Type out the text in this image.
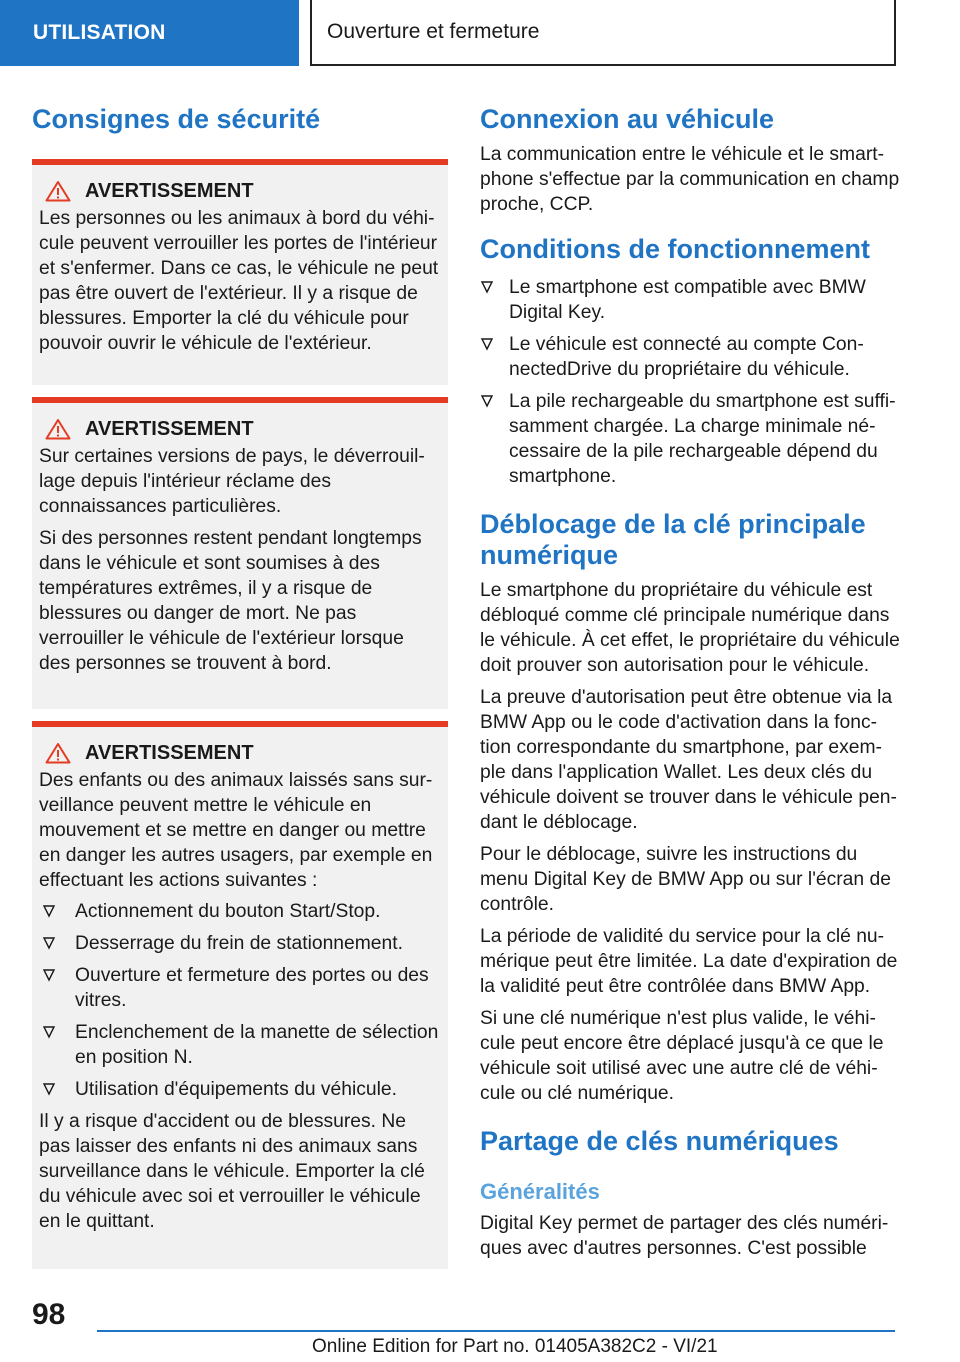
UTILISATION	Ouverture et fermeture
Consignes de sécurité
AVERTISSEMENT

Les personnes ou les animaux à bord du véhicule peuvent verrouiller les portes de l'intérieur et s'enfermer. Dans ce cas, le véhicule ne peut pas être ouvert de l'extérieur. Il y a risque de blessures. Emporter la clé du véhicule pour pouvoir ouvrir le véhicule de l'extérieur.

AVERTISSEMENT

Sur certaines versions de pays, le déverrouillage depuis l'intérieur réclame des connaissances particulières.

Si des personnes restent pendant longtemps dans le véhicule et sont soumises à des températures extrêmes, il y a risque de blessures ou danger de mort. Ne pas verrouiller le véhicule de l'extérieur lorsque des personnes se trouvent à bord.

AVERTISSEMENT

Des enfants ou des animaux laissés sans surveillance peuvent mettre le véhicule en mouvement et se mettre en danger ou mettre en danger les autres usagers, par exemple en effectuant les actions suivantes :

Actionnement du bouton Start/Stop.
Desserrage du frein de stationnement.
Ouverture et fermeture des portes ou des vitres.
Enclenchement de la manette de sélection en position N.
Utilisation d'équipements du véhicule.

Il y a risque d'accident ou de blessures. Ne pas laisser des enfants ni des animaux sans surveillance dans le véhicule. Emporter la clé du véhicule avec soi et verrouiller le véhicule en le quittant.

Connexion au véhicule

La communication entre le véhicule et le smartphone s'effectue par la communication en champ proche, CCP.

Conditions de fonctionnement
Le smartphone est compatible avec BMW Digital Key.
Le véhicule est connecté au compte ConnectedDrive du propriétaire du véhicule.
La pile rechargeable du smartphone est suffisamment chargée. La charge minimale nécessaire de la pile rechargeable dépend du smartphone.
Déblocage de la clé principale numérique

Le smartphone du propriétaire du véhicule est débloqué comme clé principale numérique dans le véhicule. À cet effet, le propriétaire du véhicule doit prouver son autorisation pour le véhicule.

La preuve d'autorisation peut être obtenue via la BMW App ou le code d'activation dans la fonction correspondante du smartphone, par exemple dans l'application Wallet. Les deux clés du véhicule doivent se trouver dans le véhicule pendant le déblocage.

Pour le déblocage, suivre les instructions du menu Digital Key de BMW App ou sur l'écran de contrôle.

La période de validité du service pour la clé numérique peut être limitée. La date d'expiration de la validité peut être contrôlée dans BMW App.

Si une clé numérique n'est plus valide, le véhicule peut encore être déplacé jusqu'à ce que le véhicule soit utilisé avec une autre clé de véhicule ou clé numérique.

Partage de clés numériques
Généralités

Digital Key permet de partager des clés numériques avec d'autres personnes. C'est possible

98
Online Edition for Part no. 01405A382C2 - VI/21
